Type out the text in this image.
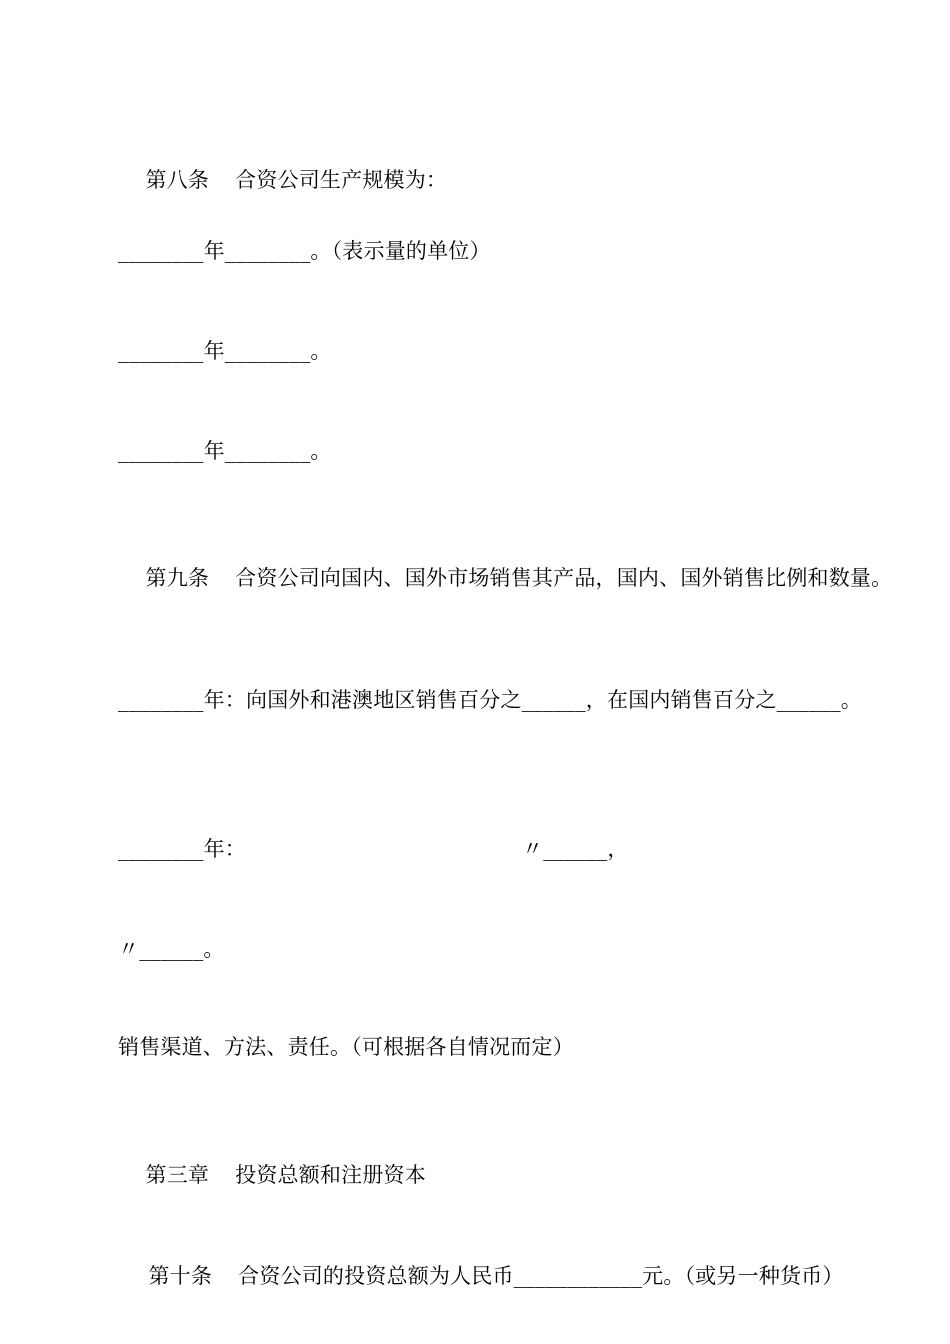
第八条 合资公司生产规模为：

________年________。（表示量的单位）
________年________。
________年________。

第九条 合资公司向国内、国外市场销售其产品，国内、国外销售比例和数量。

________年：向国外和港澳地区销售百分之______，在国内销售百分之______。
________年：	〃______，
〃______。
销售渠道、方法、责任。（可根据各自情况而定）

第三章 投资总额和注册资本

第十条 合资公司的投资总额为人民币____________元。（或另一种货币）
